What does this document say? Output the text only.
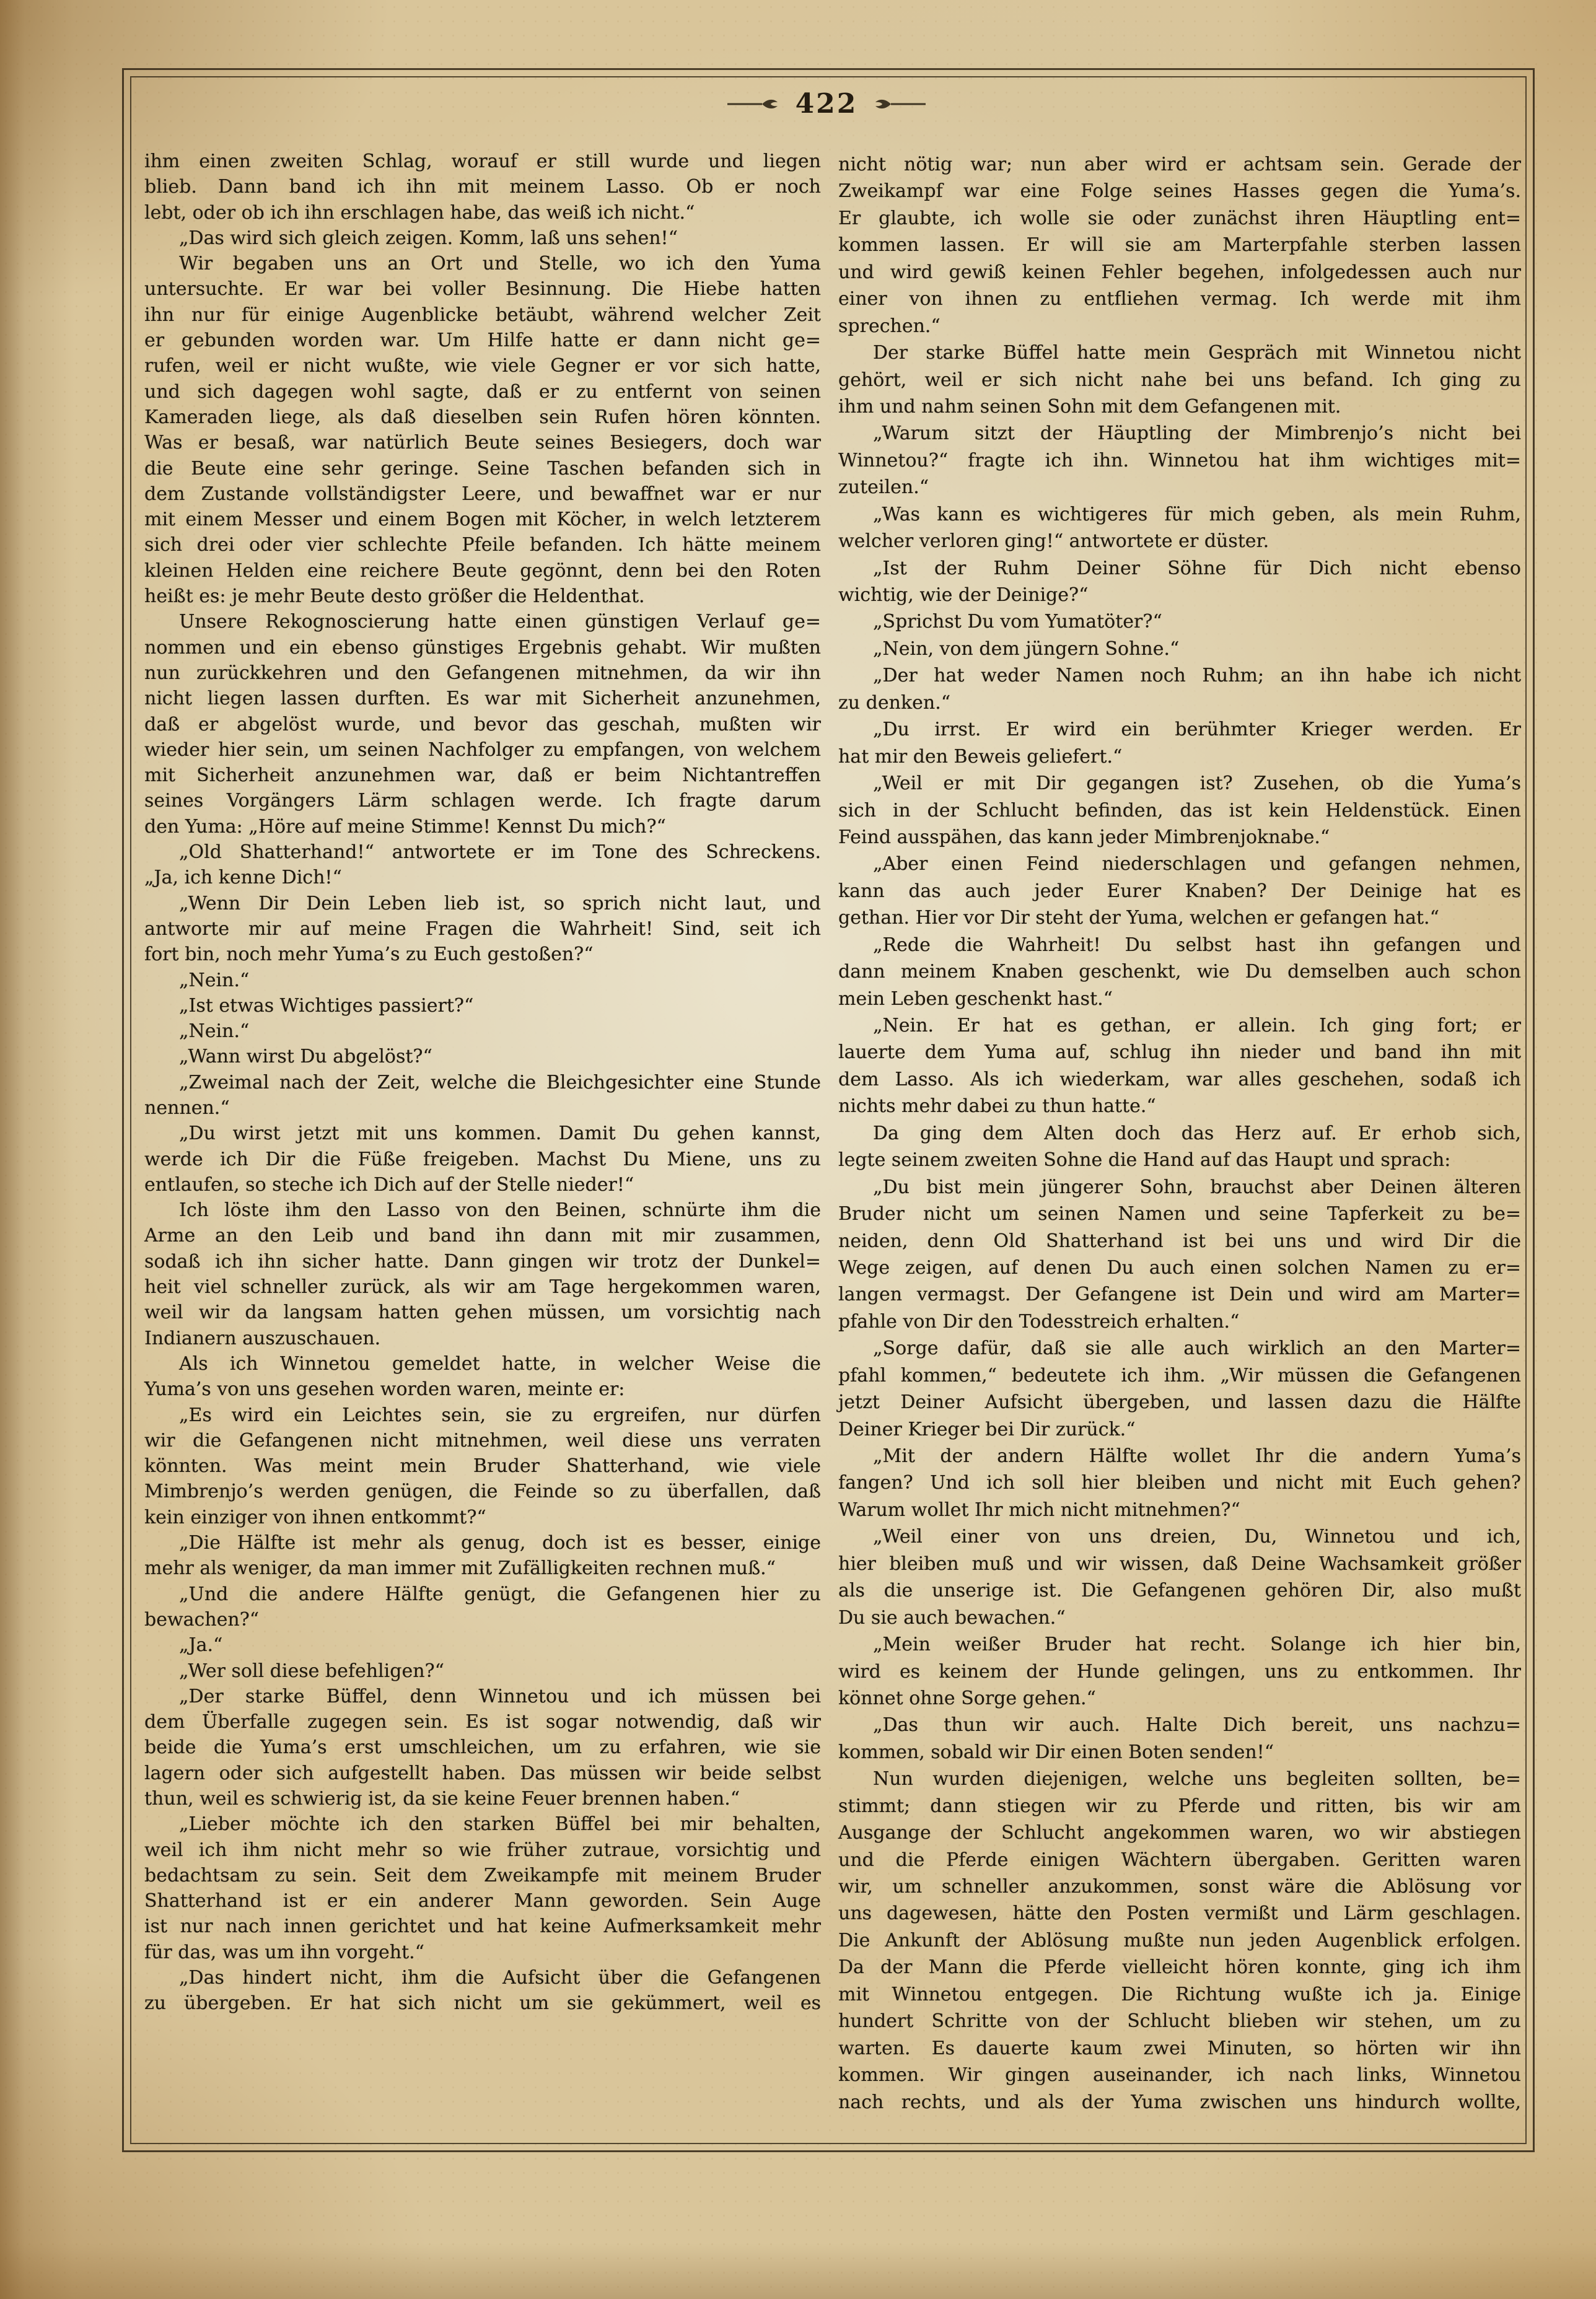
422
ihm einen zweiten Schlag, worauf er still wurde und liegen
blieb. Dann band ich ihn mit meinem Lasso. Ob er noch
lebt, oder ob ich ihn erschlagen habe, das weiß ich nicht.“
„Das wird sich gleich zeigen. Komm, laß uns sehen!“
Wir begaben uns an Ort und Stelle, wo ich den Yuma
untersuchte. Er war bei voller Besinnung. Die Hiebe hatten
ihn nur für einige Augenblicke betäubt, während welcher Zeit
er gebunden worden war. Um Hilfe hatte er dann nicht ge=
rufen, weil er nicht wußte, wie viele Gegner er vor sich hatte,
und sich dagegen wohl sagte, daß er zu entfernt von seinen
Kameraden liege, als daß dieselben sein Rufen hören könnten.
Was er besaß, war natürlich Beute seines Besiegers, doch war
die Beute eine sehr geringe. Seine Taschen befanden sich in
dem Zustande vollständigster Leere, und bewaffnet war er nur
mit einem Messer und einem Bogen mit Köcher, in welch letzterem
sich drei oder vier schlechte Pfeile befanden. Ich hätte meinem
kleinen Helden eine reichere Beute gegönnt, denn bei den Roten
heißt es: je mehr Beute desto größer die Heldenthat.
Unsere Rekognoscierung hatte einen günstigen Verlauf ge=
nommen und ein ebenso günstiges Ergebnis gehabt. Wir mußten
nun zurückkehren und den Gefangenen mitnehmen, da wir ihn
nicht liegen lassen durften. Es war mit Sicherheit anzunehmen,
daß er abgelöst wurde, und bevor das geschah, mußten wir
wieder hier sein, um seinen Nachfolger zu empfangen, von welchem
mit Sicherheit anzunehmen war, daß er beim Nichtantreffen
seines Vorgängers Lärm schlagen werde. Ich fragte darum
den Yuma: „Höre auf meine Stimme! Kennst Du mich?“
„Old Shatterhand!“ antwortete er im Tone des Schreckens.
„Ja, ich kenne Dich!“
„Wenn Dir Dein Leben lieb ist, so sprich nicht laut, und
antworte mir auf meine Fragen die Wahrheit! Sind, seit ich
fort bin, noch mehr Yuma’s zu Euch gestoßen?“
„Nein.“
„Ist etwas Wichtiges passiert?“
„Nein.“
„Wann wirst Du abgelöst?“
„Zweimal nach der Zeit, welche die Bleichgesichter eine Stunde
nennen.“
„Du wirst jetzt mit uns kommen. Damit Du gehen kannst,
werde ich Dir die Füße freigeben. Machst Du Miene, uns zu
entlaufen, so steche ich Dich auf der Stelle nieder!“
Ich löste ihm den Lasso von den Beinen, schnürte ihm die
Arme an den Leib und band ihn dann mit mir zusammen,
sodaß ich ihn sicher hatte. Dann gingen wir trotz der Dunkel=
heit viel schneller zurück, als wir am Tage hergekommen waren,
weil wir da langsam hatten gehen müssen, um vorsichtig nach
Indianern auszuschauen.
Als ich Winnetou gemeldet hatte, in welcher Weise die
Yuma’s von uns gesehen worden waren, meinte er:
„Es wird ein Leichtes sein, sie zu ergreifen, nur dürfen
wir die Gefangenen nicht mitnehmen, weil diese uns verraten
könnten. Was meint mein Bruder Shatterhand, wie viele
Mimbrenjo’s werden genügen, die Feinde so zu überfallen, daß
kein einziger von ihnen entkommt?“
„Die Hälfte ist mehr als genug, doch ist es besser, einige
mehr als weniger, da man immer mit Zufälligkeiten rechnen muß.“
„Und die andere Hälfte genügt, die Gefangenen hier zu
bewachen?“
„Ja.“
„Wer soll diese befehligen?“
„Der starke Büffel, denn Winnetou und ich müssen bei
dem Überfalle zugegen sein. Es ist sogar notwendig, daß wir
beide die Yuma’s erst umschleichen, um zu erfahren, wie sie
lagern oder sich aufgestellt haben. Das müssen wir beide selbst
thun, weil es schwierig ist, da sie keine Feuer brennen haben.“
„Lieber möchte ich den starken Büffel bei mir behalten,
weil ich ihm nicht mehr so wie früher zutraue, vorsichtig und
bedachtsam zu sein. Seit dem Zweikampfe mit meinem Bruder
Shatterhand ist er ein anderer Mann geworden. Sein Auge
ist nur nach innen gerichtet und hat keine Aufmerksamkeit mehr
für das, was um ihn vorgeht.“
„Das hindert nicht, ihm die Aufsicht über die Gefangenen
zu übergeben. Er hat sich nicht um sie gekümmert, weil es
nicht nötig war; nun aber wird er achtsam sein. Gerade der
Zweikampf war eine Folge seines Hasses gegen die Yuma’s.
Er glaubte, ich wolle sie oder zunächst ihren Häuptling ent=
kommen lassen. Er will sie am Marterpfahle sterben lassen
und wird gewiß keinen Fehler begehen, infolgedessen auch nur
einer von ihnen zu entfliehen vermag. Ich werde mit ihm
sprechen.“
Der starke Büffel hatte mein Gespräch mit Winnetou nicht
gehört, weil er sich nicht nahe bei uns befand. Ich ging zu
ihm und nahm seinen Sohn mit dem Gefangenen mit.
„Warum sitzt der Häuptling der Mimbrenjo’s nicht bei
Winnetou?“ fragte ich ihn. Winnetou hat ihm wichtiges mit=
zuteilen.“
„Was kann es wichtigeres für mich geben, als mein Ruhm,
welcher verloren ging!“ antwortete er düster.
„Ist der Ruhm Deiner Söhne für Dich nicht ebenso
wichtig, wie der Deinige?“
„Sprichst Du vom Yumatöter?“
„Nein, von dem jüngern Sohne.“
„Der hat weder Namen noch Ruhm; an ihn habe ich nicht
zu denken.“
„Du irrst. Er wird ein berühmter Krieger werden. Er
hat mir den Beweis geliefert.“
„Weil er mit Dir gegangen ist? Zusehen, ob die Yuma’s
sich in der Schlucht befinden, das ist kein Heldenstück. Einen
Feind ausspähen, das kann jeder Mimbrenjoknabe.“
„Aber einen Feind niederschlagen und gefangen nehmen,
kann das auch jeder Eurer Knaben? Der Deinige hat es
gethan. Hier vor Dir steht der Yuma, welchen er gefangen hat.“
„Rede die Wahrheit! Du selbst hast ihn gefangen und
dann meinem Knaben geschenkt, wie Du demselben auch schon
mein Leben geschenkt hast.“
„Nein. Er hat es gethan, er allein. Ich ging fort; er
lauerte dem Yuma auf, schlug ihn nieder und band ihn mit
dem Lasso. Als ich wiederkam, war alles geschehen, sodaß ich
nichts mehr dabei zu thun hatte.“
Da ging dem Alten doch das Herz auf. Er erhob sich,
legte seinem zweiten Sohne die Hand auf das Haupt und sprach:
„Du bist mein jüngerer Sohn, brauchst aber Deinen älteren
Bruder nicht um seinen Namen und seine Tapferkeit zu be=
neiden, denn Old Shatterhand ist bei uns und wird Dir die
Wege zeigen, auf denen Du auch einen solchen Namen zu er=
langen vermagst. Der Gefangene ist Dein und wird am Marter=
pfahle von Dir den Todesstreich erhalten.“
„Sorge dafür, daß sie alle auch wirklich an den Marter=
pfahl kommen,“ bedeutete ich ihm. „Wir müssen die Gefangenen
jetzt Deiner Aufsicht übergeben, und lassen dazu die Hälfte
Deiner Krieger bei Dir zurück.“
„Mit der andern Hälfte wollet Ihr die andern Yuma’s
fangen? Und ich soll hier bleiben und nicht mit Euch gehen?
Warum wollet Ihr mich nicht mitnehmen?“
„Weil einer von uns dreien, Du, Winnetou und ich,
hier bleiben muß und wir wissen, daß Deine Wachsamkeit größer
als die unserige ist. Die Gefangenen gehören Dir, also mußt
Du sie auch bewachen.“
„Mein weißer Bruder hat recht. Solange ich hier bin,
wird es keinem der Hunde gelingen, uns zu entkommen. Ihr
könnet ohne Sorge gehen.“
„Das thun wir auch. Halte Dich bereit, uns nachzu=
kommen, sobald wir Dir einen Boten senden!“
Nun wurden diejenigen, welche uns begleiten sollten, be=
stimmt; dann stiegen wir zu Pferde und ritten, bis wir am
Ausgange der Schlucht angekommen waren, wo wir abstiegen
und die Pferde einigen Wächtern übergaben. Geritten waren
wir, um schneller anzukommen, sonst wäre die Ablösung vor
uns dagewesen, hätte den Posten vermißt und Lärm geschlagen.
Die Ankunft der Ablösung mußte nun jeden Augenblick erfolgen.
Da der Mann die Pferde vielleicht hören konnte, ging ich ihm
mit Winnetou entgegen. Die Richtung wußte ich ja. Einige
hundert Schritte von der Schlucht blieben wir stehen, um zu
warten. Es dauerte kaum zwei Minuten, so hörten wir ihn
kommen. Wir gingen auseinander, ich nach links, Winnetou
nach rechts, und als der Yuma zwischen uns hindurch wollte,
